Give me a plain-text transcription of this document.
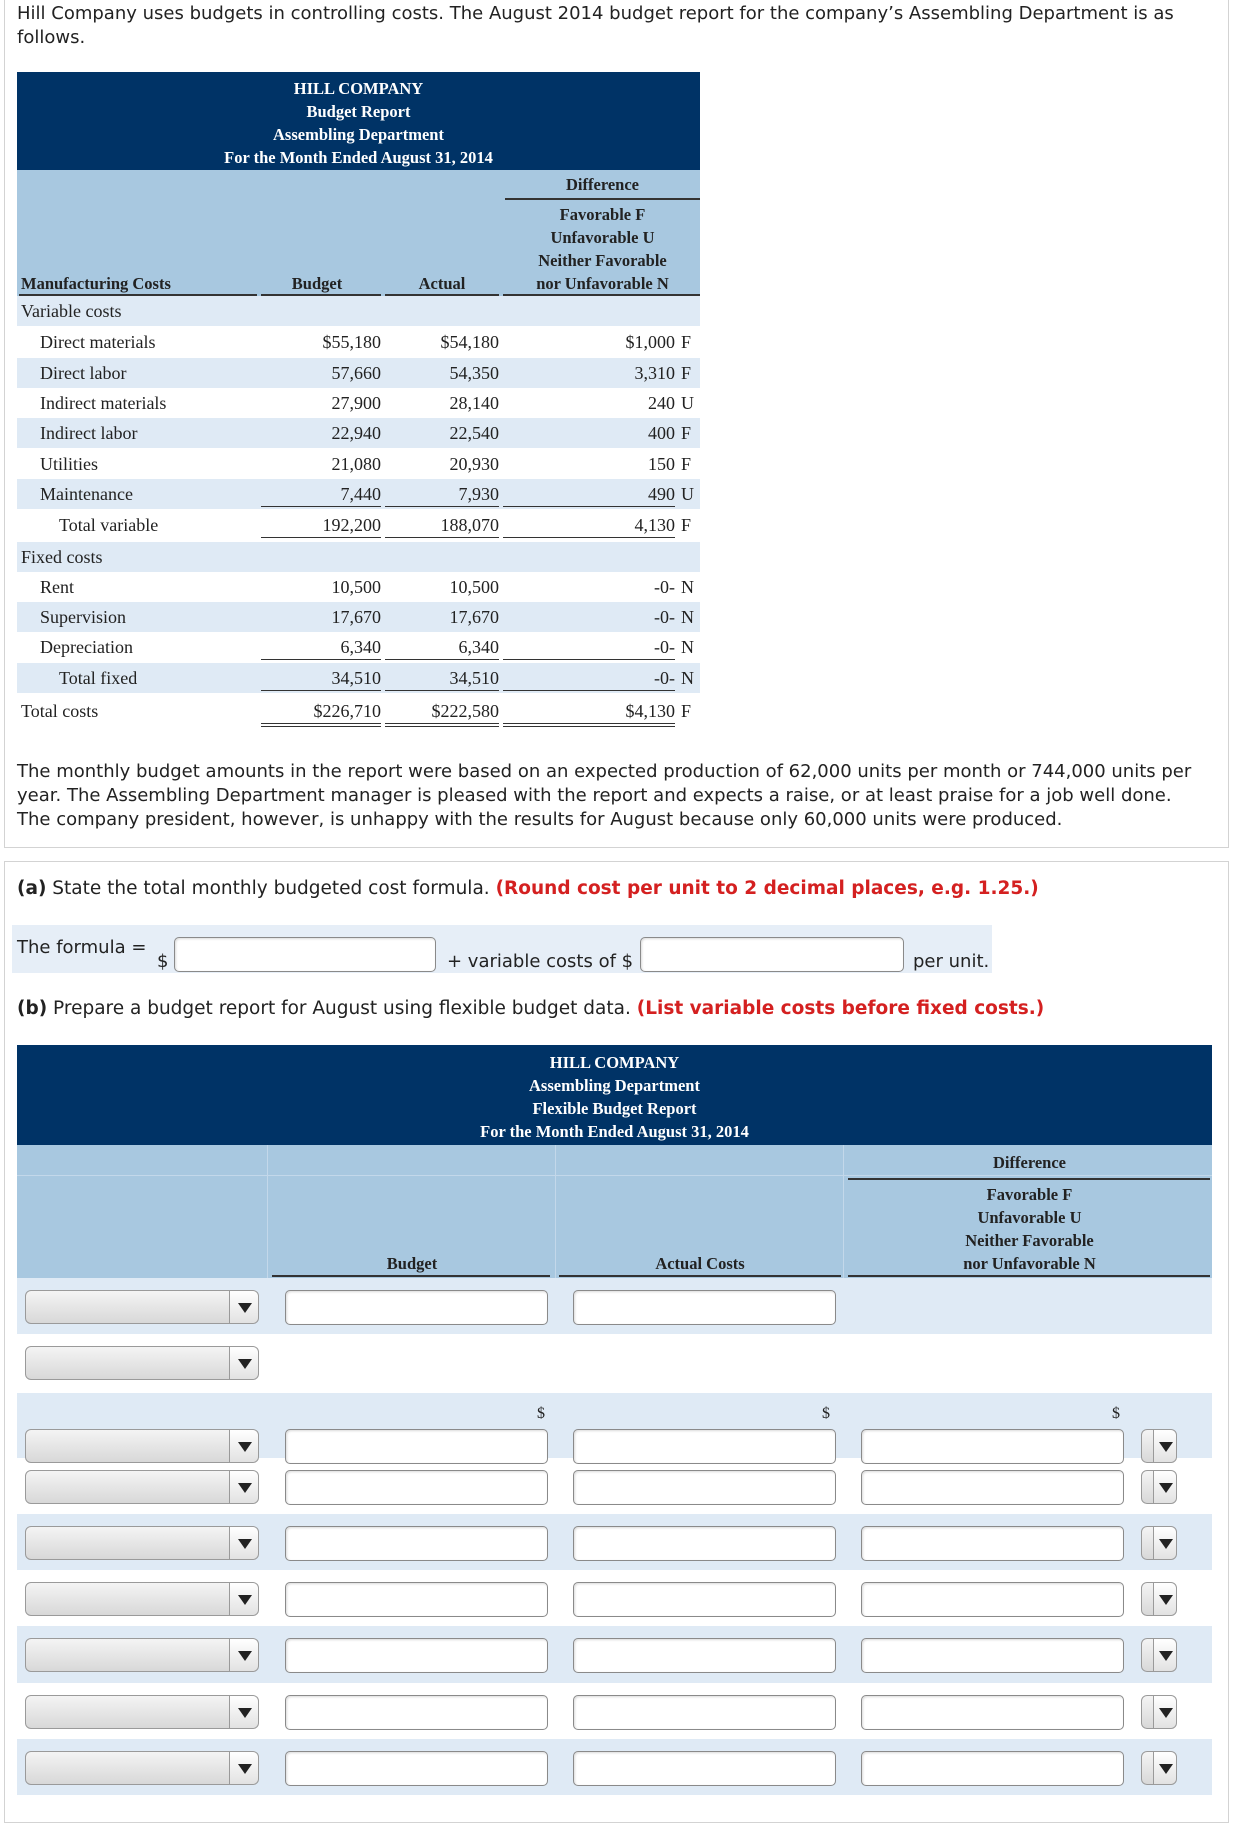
Hill Company uses budgets in controlling costs. The August 2014 budget report for the company’s Assembling Department is as follows.
HILL COMPANY
Budget Report
Assembling Department
For the Month Ended August 31, 2014
Difference
Favorable F
Unfavorable U
Neither Favorable
nor Unfavorable N
Manufacturing Costs	Budget	Actual
Variable costs
Direct materials	$55,180	$54,180	$1,000 F
Direct labor	57,660	54,350	3,310 F
Indirect materials	27,900	28,140	240 U
Indirect labor	22,940	22,540	400 F
Utilities	21,080	20,930	150 F
Maintenance	7,440	7,930	490 U
Total variable	192,200	188,070	4,130 F
Fixed costs
Rent	10,500	10,500	-0- N
Supervision	17,670	17,670	-0- N
Depreciation	6,340	6,340	-0- N
Total fixed	34,510	34,510	-0- N
Total costs	$226,710	$222,580	$4,130 F
The monthly budget amounts in the report were based on an expected production of 62,000 units per month or 744,000 units per year. The Assembling Department manager is pleased with the report and expects a raise, or at least praise for a job well done. The company president, however, is unhappy with the results for August because only 60,000 units were produced.
(a) State the total monthly budgeted cost formula. (Round cost per unit to 2 decimal places, e.g. 1.25.)
The formula =
$	+ variable costs of $	per unit.
(b) Prepare a budget report for August using flexible budget data. (List variable costs before fixed costs.)
HILL COMPANY
Assembling Department
Flexible Budget Report
For the Month Ended August 31, 2014
Difference
Favorable F
Unfavorable U
Neither Favorable
nor Unfavorable N
Budget	Actual Costs
$	$	$
